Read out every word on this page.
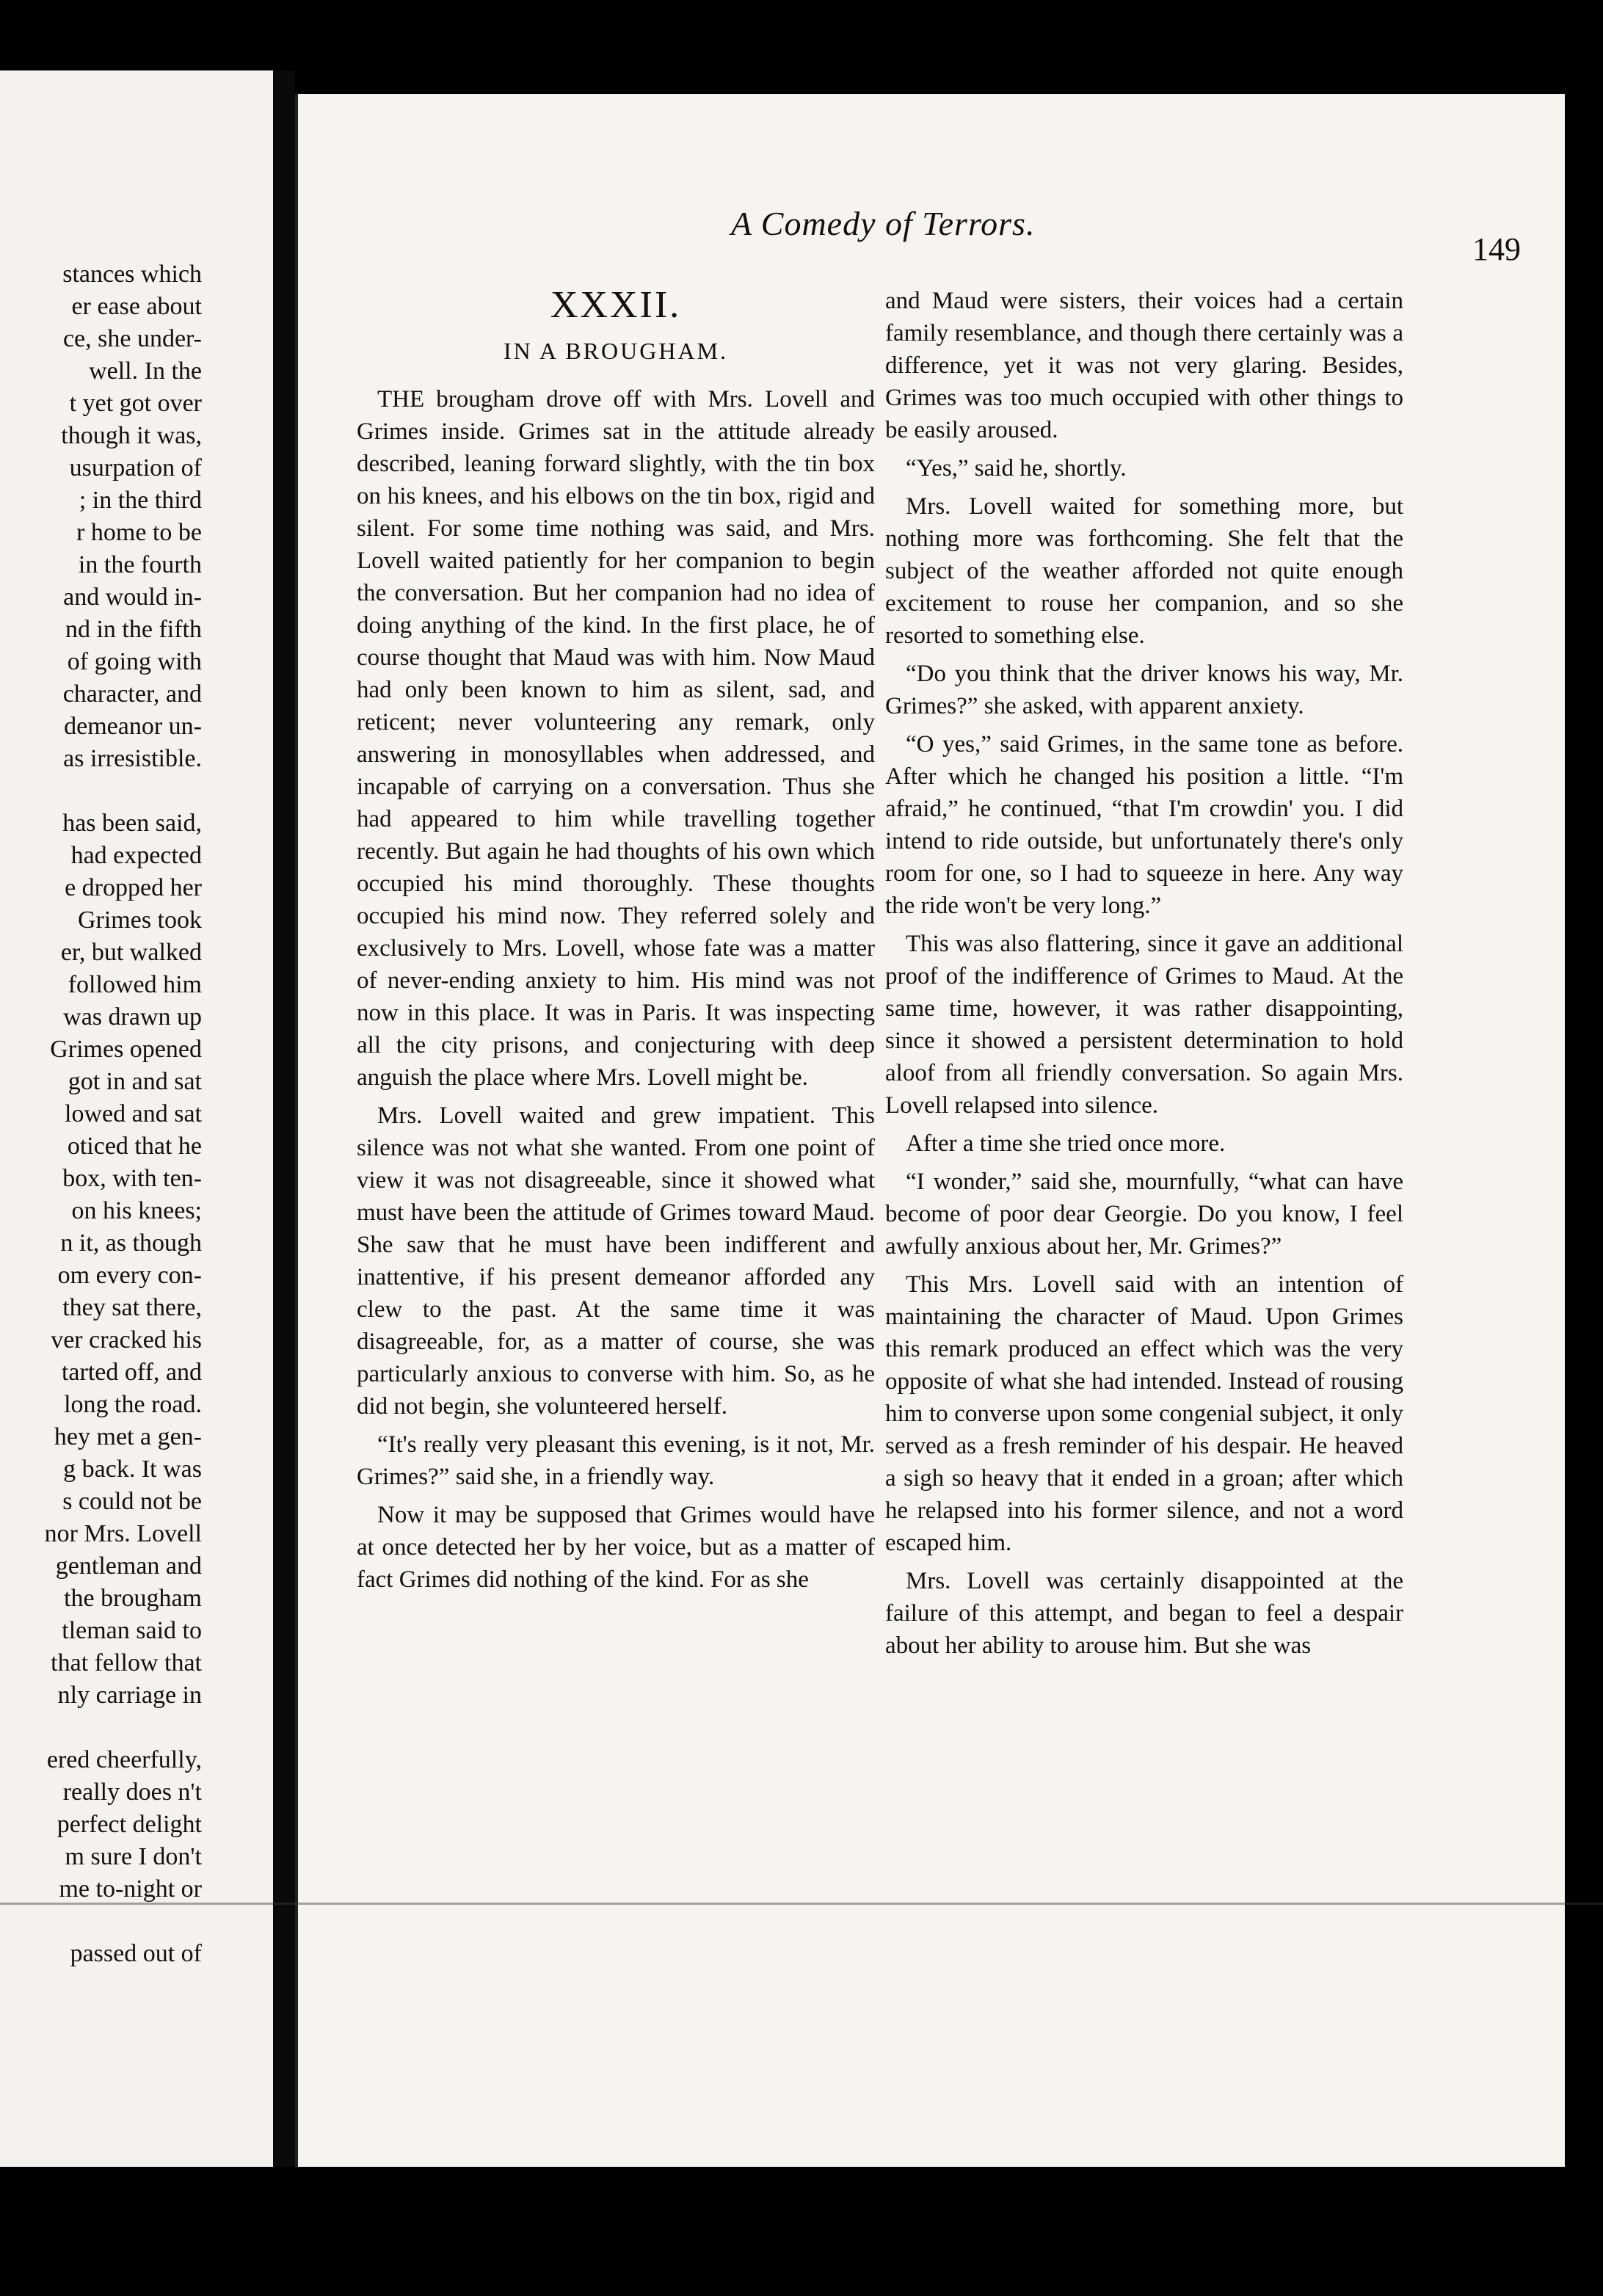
stances which
er ease about
ce, she under-
well. In the
t yet got over
though it was,
usurpation of
; in the third
r home to be
in the fourth
and would in-
nd in the fifth
of going with
character, and
demeanor un-
as irresistible.
has been said,
had expected
e dropped her
Grimes took
er, but walked
followed him
was drawn up
Grimes opened
got in and sat
lowed and sat
oticed that he
box, with ten-
on his knees;
n it, as though
om every con-
they sat there,
ver cracked his
tarted off, and
long the road.
hey met a gen-
g back. It was
s could not be
nor Mrs. Lovell
gentleman and
the brougham
tleman said to
that fellow that
nly carriage in
ered cheerfully,
really does n't
perfect delight
m sure I don't
me to-night or
passed out of
A Comedy of Terrors.
149
XXXII.
IN A BROUGHAM.

THE brougham drove off with Mrs. Lovell and Grimes inside. Grimes sat in the attitude already described, leaning forward slightly, with the tin box on his knees, and his elbows on the tin box, rigid and silent. For some time nothing was said, and Mrs. Lovell waited patiently for her companion to begin the conversation. But her companion had no idea of doing anything of the kind. In the first place, he of course thought that Maud was with him. Now Maud had only been known to him as silent, sad, and reticent; never volunteering any remark, only answering in monosyllables when addressed, and incapable of carrying on a conversation. Thus she had appeared to him while travelling together recently. But again he had thoughts of his own which occupied his mind thoroughly. These thoughts occupied his mind now. They referred solely and exclusively to Mrs. Lovell, whose fate was a matter of never-ending anxiety to him. His mind was not now in this place. It was in Paris. It was inspecting all the city prisons, and conjecturing with deep anguish the place where Mrs. Lovell might be.

Mrs. Lovell waited and grew impatient. This silence was not what she wanted. From one point of view it was not disagreeable, since it showed what must have been the attitude of Grimes toward Maud. She saw that he must have been indifferent and inattentive, if his present demeanor afforded any clew to the past. At the same time it was disagreeable, for, as a matter of course, she was particularly anxious to converse with him. So, as he did not begin, she volunteered herself.

“It's really very pleasant this evening, is it not, Mr. Grimes?” said she, in a friendly way.

Now it may be supposed that Grimes would have at once detected her by her voice, but as a matter of fact Grimes did nothing of the kind. For as she

and Maud were sisters, their voices had a certain family resemblance, and though there certainly was a difference, yet it was not very glaring. Besides, Grimes was too much occupied with other things to be easily aroused.

“Yes,” said he, shortly.

Mrs. Lovell waited for something more, but nothing more was forthcoming. She felt that the subject of the weather afforded not quite enough excitement to rouse her companion, and so she resorted to something else.

“Do you think that the driver knows his way, Mr. Grimes?” she asked, with apparent anxiety.

“O yes,” said Grimes, in the same tone as before. After which he changed his position a little. “I'm afraid,” he continued, “that I'm crowdin' you. I did intend to ride outside, but unfortunately there's only room for one, so I had to squeeze in here. Any way the ride won't be very long.”

This was also flattering, since it gave an additional proof of the indifference of Grimes to Maud. At the same time, however, it was rather disappointing, since it showed a persistent determination to hold aloof from all friendly conversation. So again Mrs. Lovell relapsed into silence.

After a time she tried once more.

“I wonder,” said she, mournfully, “what can have become of poor dear Georgie. Do you know, I feel awfully anxious about her, Mr. Grimes?”

This Mrs. Lovell said with an intention of maintaining the character of Maud. Upon Grimes this remark produced an effect which was the very opposite of what she had intended. Instead of rousing him to converse upon some congenial subject, it only served as a fresh reminder of his despair. He heaved a sigh so heavy that it ended in a groan; after which he relapsed into his former silence, and not a word escaped him.

Mrs. Lovell was certainly disappointed at the failure of this attempt, and began to feel a despair about her ability to arouse him. But she was
